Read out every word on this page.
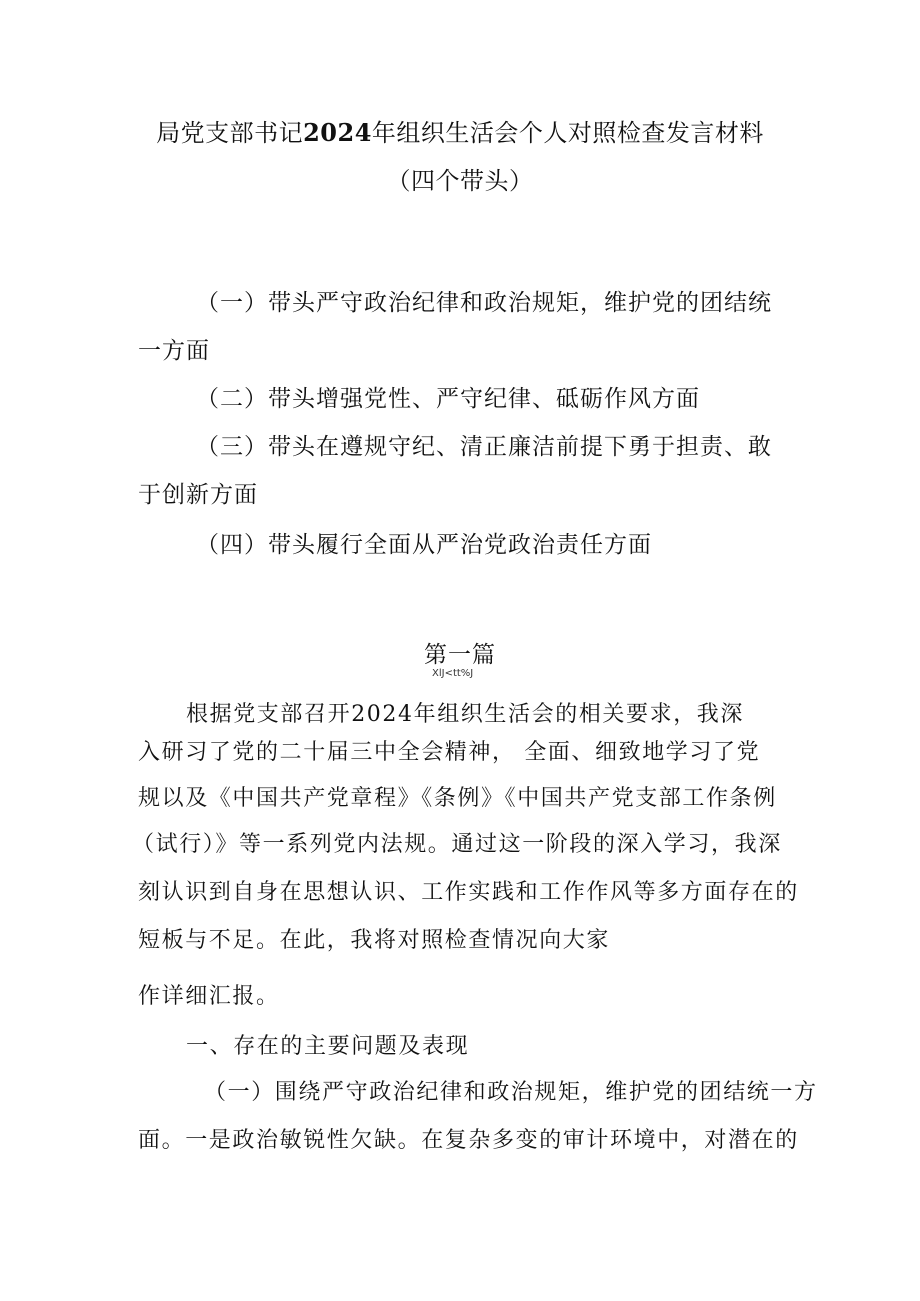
局党支部书记2024年组织生活会个人对照检查发言材料
（四个带头）
（一）带头严守政治纪律和政治规矩，维护党的团结统
一方面
（二）带头增强党性、严守纪律、砥砺作风方面
（三）带头在遵规守纪、清正廉洁前提下勇于担责、敢
于创新方面
（四）带头履行全面从严治党政治责任方面
第一篇
XlJ<tt%J
根据党支部召开2024年组织生活会的相关要求，我深
入研习了党的二十届三中全会精神， 全面、细致地学习了党
规以及《中国共产党章程》《条例》《中国共产党支部工作条例
（试行）》等一系列党内法规。通过这一阶段的深入学习，我深
刻认识到自身在思想认识、工作实践和工作作风等多方面存在的
短板与不足。在此，我将对照检查情况向大家
作详细汇报。
一、存在的主要问题及表现
（一）围绕严守政治纪律和政治规矩，维护党的团结统一方
面。一是政治敏锐性欠缺。在复杂多变的审计环境中，对潜在的
